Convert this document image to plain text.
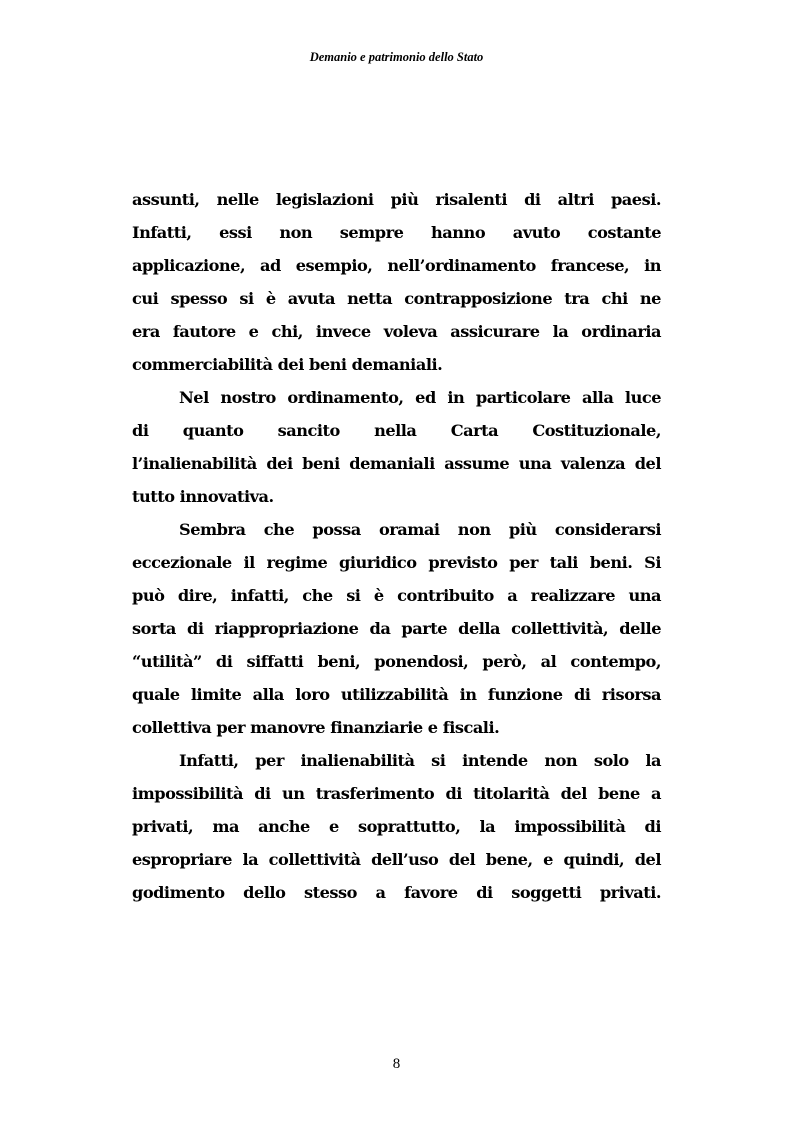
Demanio e patrimonio dello Stato

assunti, nelle legislazioni più risalenti di altri paesi.
Infatti, essi non sempre hanno avuto costante
applicazione, ad esempio, nell’ordinamento francese, in
cui spesso si è avuta netta contrapposizione tra chi ne
era fautore e chi, invece voleva assicurare la ordinaria
commerciabilità dei beni demaniali.

Nel nostro ordinamento, ed in particolare alla luce
di quanto sancito nella Carta Costituzionale,
l’inalienabilità dei beni demaniali assume una valenza del
tutto innovativa.

Sembra che possa oramai non più considerarsi
eccezionale il regime giuridico previsto per tali beni. Si
può dire, infatti, che si è contribuito a realizzare una
sorta di riappropriazione da parte della collettività, delle
“utilità” di siffatti beni, ponendosi, però, al contempo,
quale limite alla loro utilizzabilità in funzione di risorsa
collettiva per manovre finanziarie e fiscali.

Infatti, per inalienabilità si intende non solo la
impossibilità di un trasferimento di titolarità del bene a
privati, ma anche e soprattutto, la impossibilità di
espropriare la collettività dell’uso del bene, e quindi, del
godimento dello stesso a favore di soggetti privati.

8
